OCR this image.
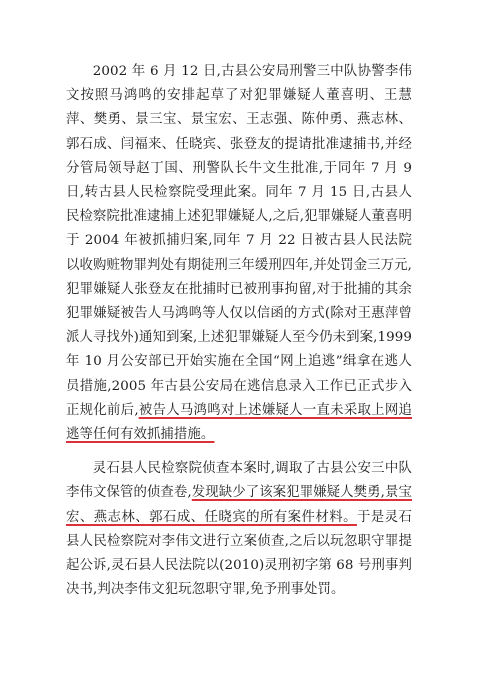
2002 年 6 月 12 日,古县公安局刑警三中队协警李伟文按照马鸿鸣的安排起草了对犯罪嫌疑人董喜明、王慧萍、樊勇、景三宝、景宝宏、王志强、陈仲勇、燕志林、郭石成、闫福来、任晓宾、张登友的提请批准逮捕书,并经分管局领导赵丁国、刑警队长牛文生批准,于同年 7 月 9 日,转古县人民检察院受理此案。同年 7 月 15 日,古县人民检察院批准逮捕上述犯罪嫌疑人,之后,犯罪嫌疑人董喜明于 2004 年被抓捕归案,同年 7 月 22 日被古县人民法院以收购赃物罪判处有期徒刑三年缓刑四年,并处罚金三万元,犯罪嫌疑人张登友在批捕时已被刑事拘留,对于批捕的其余犯罪嫌疑被告人马鸿鸣等人仅以信函的方式(除对王惠萍曾派人寻找外)通知到案,上述犯罪嫌疑人至今仍未到案,1999 年 10 月公安部已开始实施在全国“网上追逃”缉拿在逃人员措施,2005 年古县公安局在逃信息录入工作已正式步入正规化前后,被告人马鸿鸣对上述嫌疑人一直未采取上网追逃等任何有效抓捕措施。

灵石县人民检察院侦查本案时,调取了古县公安三中队李伟文保管的侦查卷,发现缺少了该案犯罪嫌疑人樊勇,景宝宏、燕志林、郭石成、任晓宾的所有案件材料。于是灵石县人民检察院对李伟文进行立案侦查,之后以玩忽职守罪提起公诉,灵石县人民法院以(2010)灵刑初字第 68 号刑事判决书,判决李伟文犯玩忽职守罪,免予刑事处罚。
